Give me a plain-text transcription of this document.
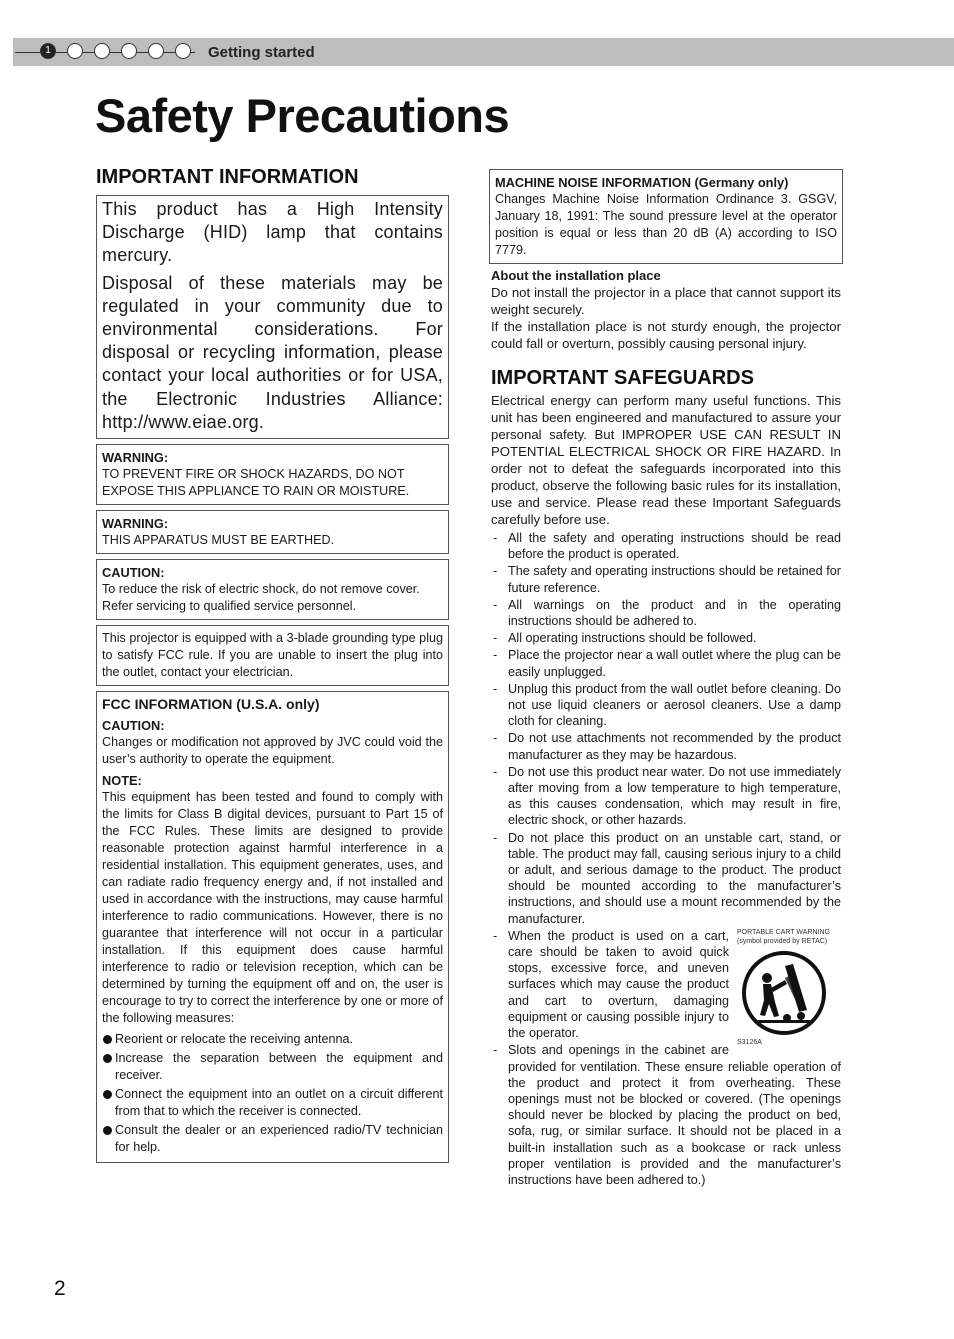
1	Getting started
Safety Precautions
IMPORTANT INFORMATION

This product has a High Intensity Discharge (HID) lamp that contains mercury.

Disposal of these materials may be regulated in your community due to environmental considerations. For disposal or recycling information, please contact your local authorities or for USA, the Electronic Industries Alliance: http://www.eiae.org.

WARNING:

TO PREVENT FIRE OR SHOCK HAZARDS, DO NOT EXPOSE THIS APPLIANCE TO RAIN OR MOISTURE.

WARNING:

THIS APPARATUS MUST BE EARTHED.

CAUTION:

To reduce the risk of electric shock, do not remove cover. Refer servicing to qualified service personnel.

This projector is equipped with a 3-blade grounding type plug to satisfy FCC rule. If you are unable to insert the plug into the outlet, contact your electrician.

FCC INFORMATION (U.S.A. only)

CAUTION:

Changes or modification not approved by JVC could void the user’s authority to operate the equipment.

NOTE:

This equipment has been tested and found to comply with the limits for Class B digital devices, pursuant to Part 15 of the FCC Rules. These limits are designed to provide reasonable protection against harmful interference in a residential installation. This equipment generates, uses, and can radiate radio frequency energy and, if not installed and used in accordance with the instructions, may cause harmful interference to radio communications. However, there is no guarantee that interference will not occur in a particular installation. If this equipment does cause harmful interference to radio or television reception, which can be determined by turning the equipment off and on, the user is encourage to try to correct the interference by one or more of the following measures:

Reorient or relocate the receiving antenna.
Increase the separation between the equipment and receiver.
Connect the equipment into an outlet on a circuit different from that to which the receiver is connected.
Consult the dealer or an experienced radio/TV technician for help.

MACHINE NOISE INFORMATION (Germany only)

Changes Machine Noise Information Ordinance 3. GSGV, January 18, 1991: The sound pressure level at the operator position is equal or less than 20 dB (A) according to ISO 7779.

About the installation place

Do not install the projector in a place that cannot support its weight securely.

If the installation place is not sturdy enough, the projector could fall or overturn, possibly causing personal injury.

IMPORTANT SAFEGUARDS

Electrical energy can perform many useful functions. This unit has been engineered and manufactured to assure your personal safety. But IMPROPER USE CAN RESULT IN POTENTIAL ELECTRICAL SHOCK OR FIRE HAZARD. In order not to defeat the safeguards incorporated into this product, observe the following basic rules for its installation, use and service. Please read these Important Safeguards carefully before use.

- All the safety and operating instructions should be read before the product is operated.
- The safety and operating instructions should be retained for future reference.
- All warnings on the product and in the operating instructions should be adhered to.
- All operating instructions should be followed.
- Place the projector near a wall outlet where the plug can be easily unplugged.
- Unplug this product from the wall outlet before cleaning. Do not use liquid cleaners or aerosol cleaners. Use a damp cloth for cleaning.
- Do not use attachments not recommended by the product manufacturer as they may be hazardous.
- Do not use this product near water. Do not use immediately after moving from a low temperature to high temperature, as this causes condensation, which may result in fire, electric shock, or other hazards.
- Do not place this product on an unstable cart, stand, or table. The product may fall, causing serious injury to a child or adult, and serious damage to the product. The product should be mounted according to the manufacturer’s instructions, and should use a mount recommended by the manufacturer.
- PORTABLE CART WARNING
(symbol provided by RETAC)
S3126A
When the product is used on a cart, care should be taken to avoid quick stops, excessive force, and uneven surfaces which may cause the product and cart to overturn, damaging equipment or causing possible injury to the operator.
- Slots and openings in the cabinet are provided for ventilation. These ensure reliable operation of the product and protect it from overheating. These openings must not be blocked or covered. (The openings should never be blocked by placing the product on bed, sofa, rug, or similar surface. It should not be placed in a built-in installation such as a bookcase or rack unless proper ventilation is provided and the manufacturer’s instructions have been adhered to.)
2
